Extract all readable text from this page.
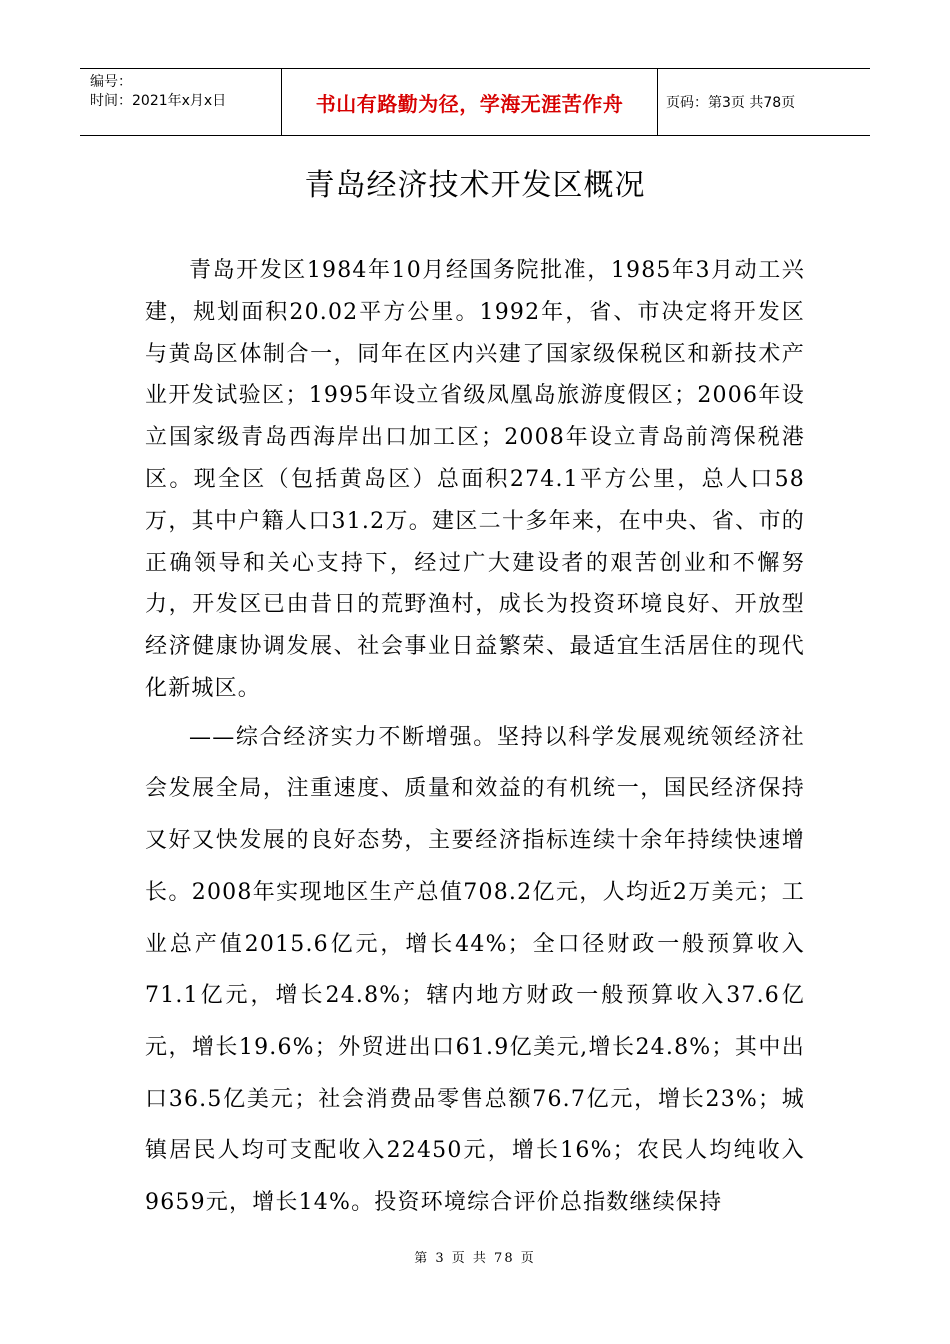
编号：
时间：2021年x月x日	书山有路勤为径，学海无涯苦作舟	页码：第3页 共78页
青岛经济技术开发区概况

青岛开发区1984年10月经国务院批准，1985年3月动工兴建，规划面积20.02平方公里。1992年，省、市决定将开发区与黄岛区体制合一，同年在区内兴建了国家级保税区和新技术产业开发试验区；1995年设立省级凤凰岛旅游度假区；2006年设立国家级青岛西海岸出口加工区；2008年设立青岛前湾保税港区。现全区（包括黄岛区）总面积274.1平方公里，总人口58万，其中户籍人口31.2万。建区二十多年来，在中央、省、市的正确领导和关心支持下，经过广大建设者的艰苦创业和不懈努力，开发区已由昔日的荒野渔村，成长为投资环境良好、开放型经济健康协调发展、社会事业日益繁荣、最适宜生活居住的现代化新城区。

——综合经济实力不断增强。坚持以科学发展观统领经济社会发展全局，注重速度、质量和效益的有机统一，国民经济保持又好又快发展的良好态势，主要经济指标连续十余年持续快速增长。2008年实现地区生产总值708.2亿元，人均近2万美元；工业总产值2015.6亿元，增长44%；全口径财政一般预算收入71.1亿元，增长24.8%；辖内地方财政一般预算收入37.6亿元，增长19.6%；外贸进出口61.9亿美元,增长24.8%；其中出口36.5亿美元；社会消费品零售总额76.7亿元，增长23%；城镇居民人均可支配收入22450元，增长16%；农民人均纯收入9659元，增长14%。投资环境综合评价总指数继续保持

第 3 页 共 78 页
